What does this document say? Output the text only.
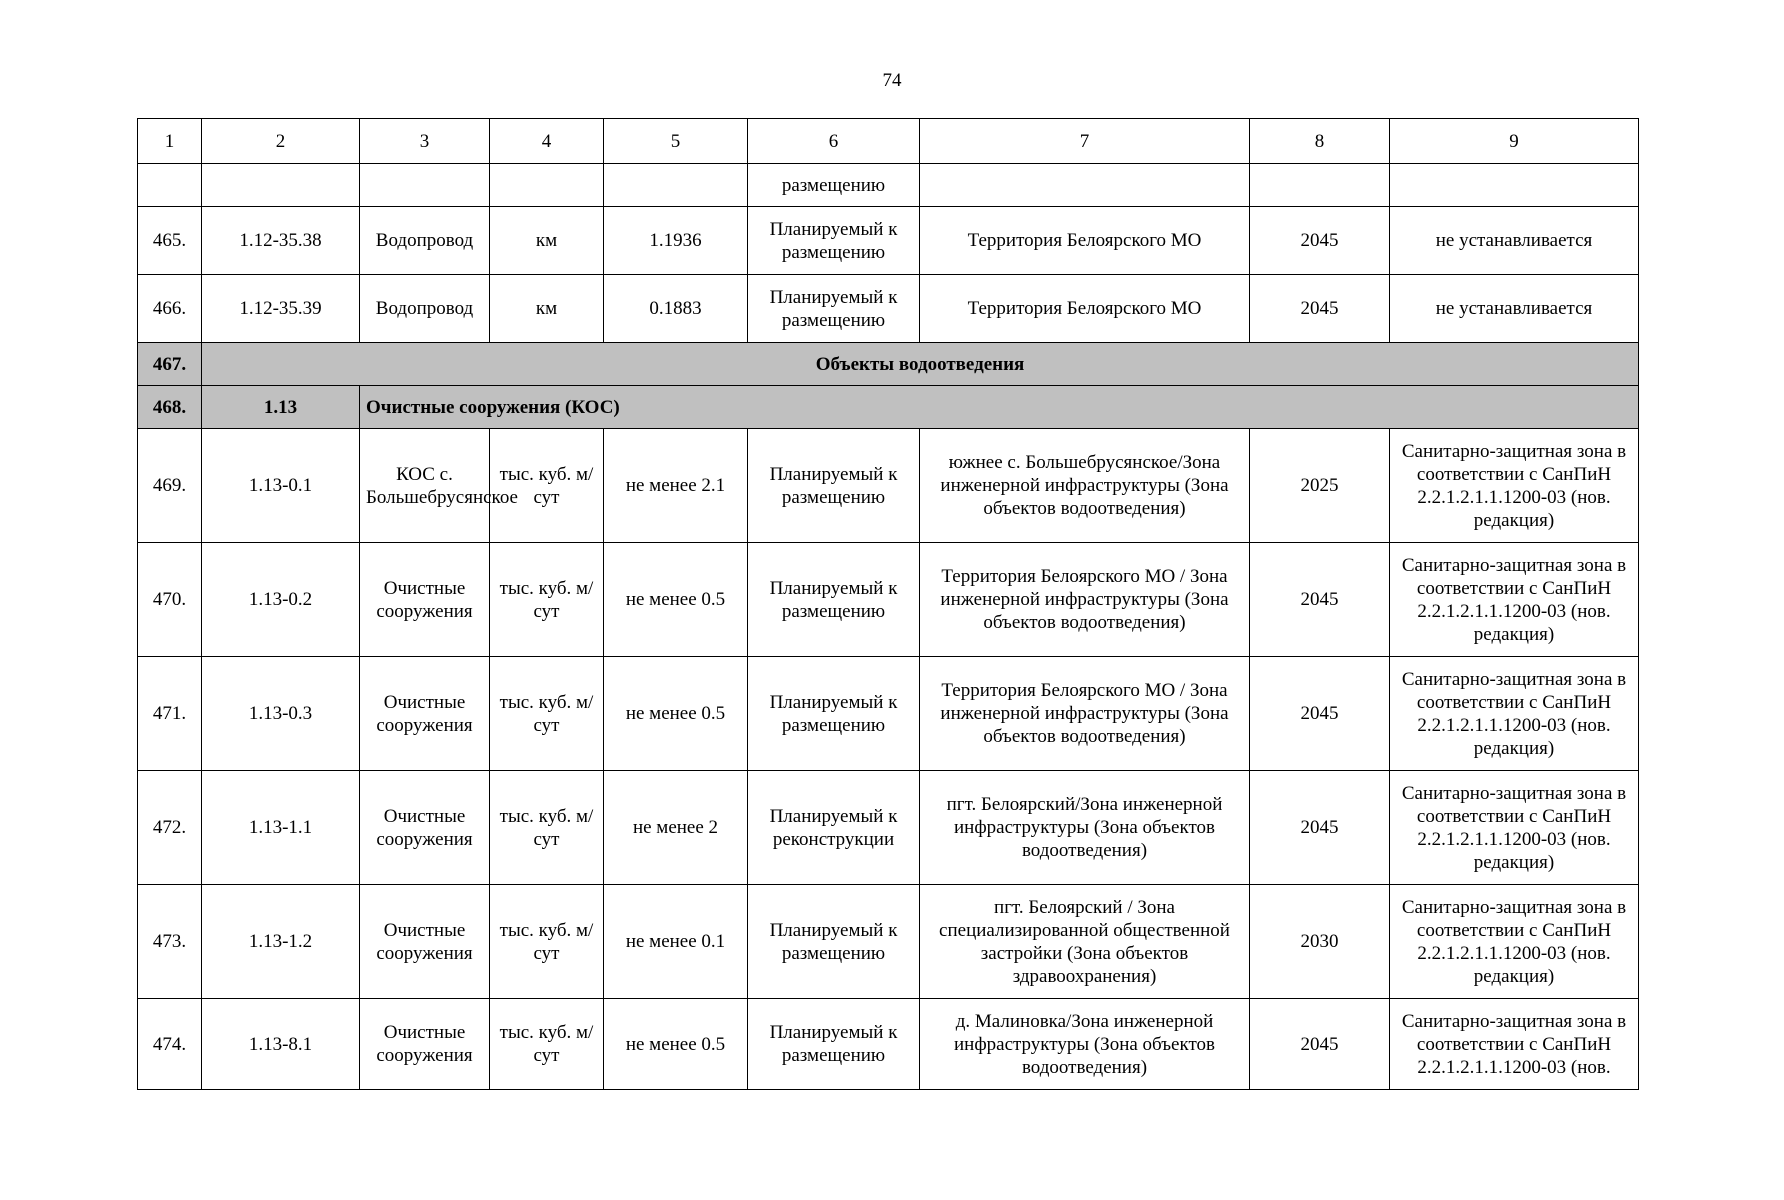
74
1	2	3	4	5	6	7	8	9
					размещению			
465.	1.12-35.38	Водопровод	км	1.1936	Планируемый к размещению	Территория Белоярского МО	2045	не устанавливается
466.	1.12-35.39	Водопровод	км	0.1883	Планируемый к размещению	Территория Белоярского МО	2045	не устанавливается
467.	Объекты водоотведения							
468.	1.13	Очистные сооружения (КОС)						
469.	1.13-0.1	КОС с. Большебрусянское	тыс. куб. м/сут	не менее 2.1	Планируемый к размещению	южнее с. Большебрусянское/Зона инженерной инфраструктуры (Зона объектов водоотведения)	2025	Санитарно-защитная зона в соответствии с СанПиН 2.2.1.2.1.1.1200-03 (нов. редакция)
470.	1.13-0.2	Очистные сооружения	тыс. куб. м/сут	не менее 0.5	Планируемый к размещению	Территория Белоярского МО / Зона инженерной инфраструктуры (Зона объектов водоотведения)	2045	Санитарно-защитная зона в соответствии с СанПиН 2.2.1.2.1.1.1200-03 (нов. редакция)
471.	1.13-0.3	Очистные сооружения	тыс. куб. м/сут	не менее 0.5	Планируемый к размещению	Территория Белоярского МО / Зона инженерной инфраструктуры (Зона объектов водоотведения)	2045	Санитарно-защитная зона в соответствии с СанПиН 2.2.1.2.1.1.1200-03 (нов. редакция)
472.	1.13-1.1	Очистные сооружения	тыс. куб. м/сут	не менее 2	Планируемый к реконструкции	пгт. Белоярский/Зона инженерной инфраструктуры (Зона объектов водоотведения)	2045	Санитарно-защитная зона в соответствии с СанПиН 2.2.1.2.1.1.1200-03 (нов. редакция)
473.	1.13-1.2	Очистные сооружения	тыс. куб. м/сут	не менее 0.1	Планируемый к размещению	пгт. Белоярский / Зона специализированной общественной застройки (Зона объектов здравоохранения)	2030	Санитарно-защитная зона в соответствии с СанПиН 2.2.1.2.1.1.1200-03 (нов. редакция)
474.	1.13-8.1	Очистные сооружения	тыс. куб. м/сут	не менее 0.5	Планируемый к размещению	д. Малиновка/Зона инженерной инфраструктуры (Зона объектов водоотведения)	2045	Санитарно-защитная зона в соответствии с СанПиН 2.2.1.2.1.1.1200-03 (нов.
